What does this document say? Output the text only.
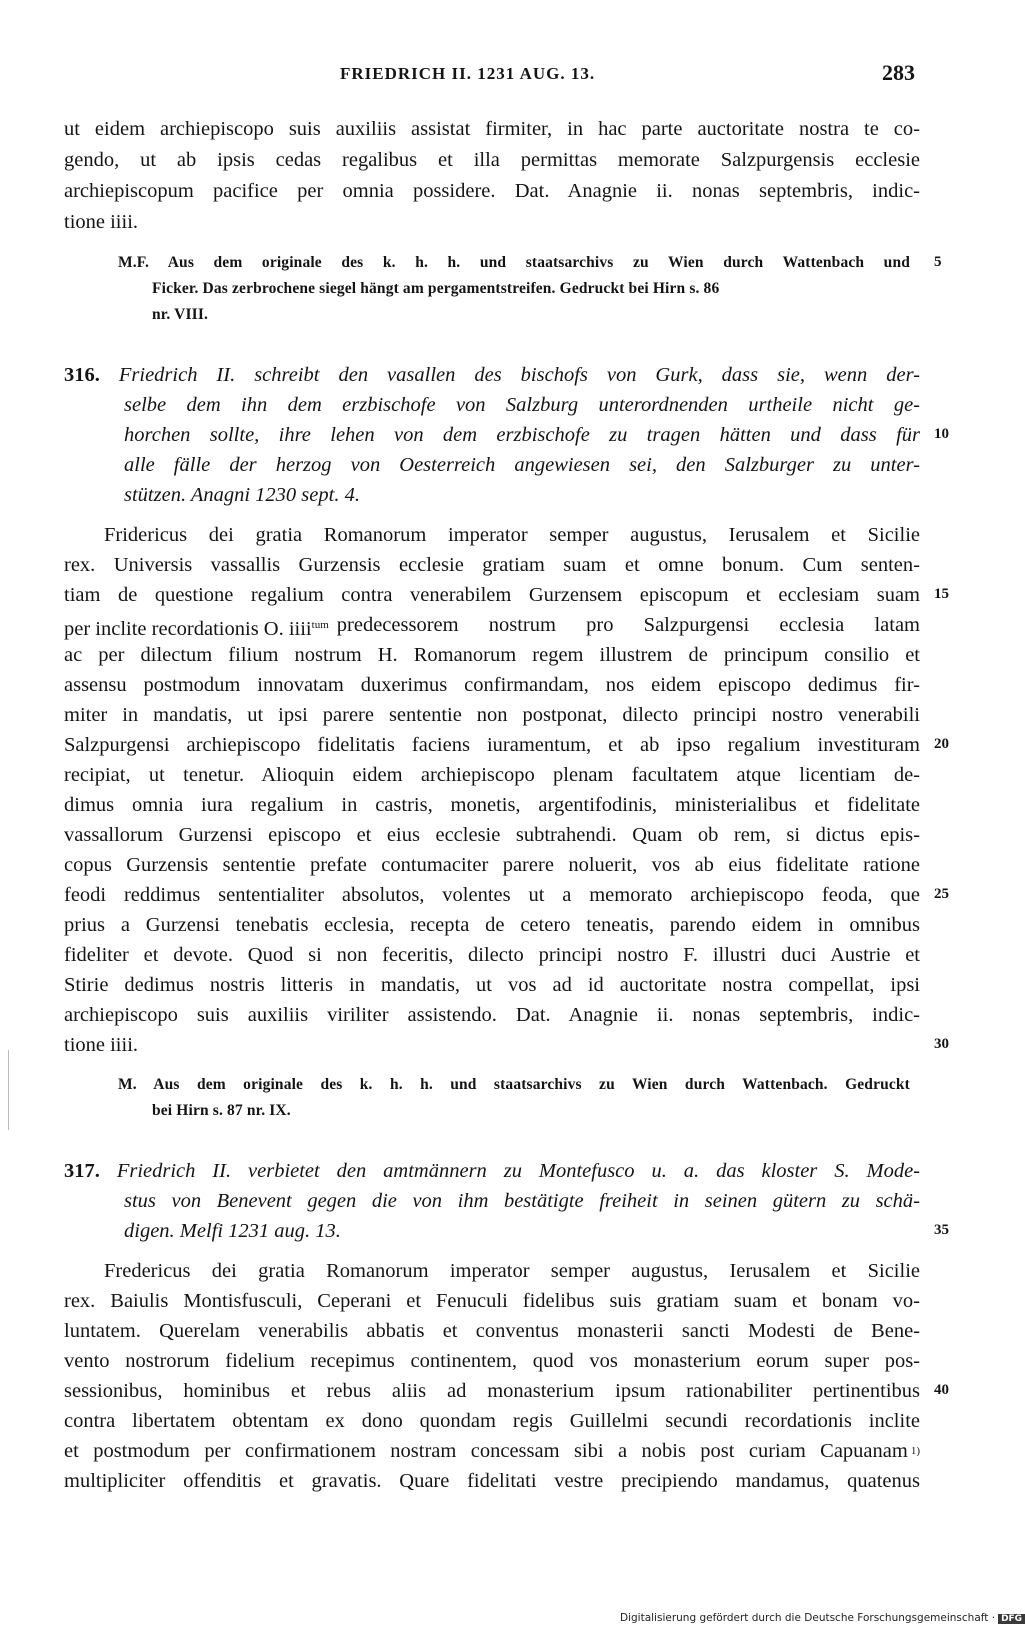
FRIEDRICH II. 1231 AUG. 13.	283
ut eidem archiepiscopo suis auxiliis assistat firmiter, in hac parte auctoritate nostra te co-
gendo, ut ab ipsis cedas regalibus et illa permittas memorate Salzpurgensis ecclesie
archiepiscopum pacifice per omnia possidere. Dat. Anagnie ii. nonas septembris, indic-
tione iiii.
M.F. Aus dem originale des k. h. h. und staatsarchivs zu Wien durch Wattenbach und
Ficker. Das zerbrochene siegel hängt am pergamentstreifen. Gedruckt bei Hirn s. 86
nr. VIII.
5
316. Friedrich II. schreibt den vasallen des bischofs von Gurk, dass sie, wenn der-
selbe dem ihn dem erzbischofe von Salzburg unterordnenden urtheile nicht ge-
horchen sollte, ihre lehen von dem erzbischofe zu tragen hätten und dass für
alle fälle der herzog von Oesterreich angewiesen sei, den Salzburger zu unter-
stützen. Anagni 1230 sept. 4.
10
Fridericus dei gratia Romanorum imperator semper augustus, Ierusalem et Sicilie
rex. Universis vassallis Gurzensis ecclesie gratiam suam et omne bonum. Cum senten-
tiam de questione regalium contra venerabilem Gurzensem episcopum et ecclesiam suam 15
per inclite recordationis O. iiii$^{tum}$ predecessorem nostrum pro Salzpurgensi ecclesia latam
ac per dilectum filium nostrum H. Romanorum regem illustrem de principum consilio et
assensu postmodum innovatam duxerimus confirmandam, nos eidem episcopo dedimus fir-
miter in mandatis, ut ipsi parere sententie non postponat, dilecto principi nostro venerabili
Salzpurgensi archiepiscopo fidelitatis faciens iuramentum, et ab ipso regalium investituram 20
recipiat, ut tenetur. Alioquin eidem archiepiscopo plenam facultatem atque licentiam de-
dimus omnia iura regalium in castris, monetis, argentifodinis, ministerialibus et fidelitate
vassallorum Gurzensi episcopo et eius ecclesie subtrahendi. Quam ob rem, si dictus epis-
copus Gurzensis sententie prefate contumaciter parere noluerit, vos ab eius fidelitate ratione
feodi reddimus sententialiter absolutos, volentes ut a memorato archiepiscopo feoda, que 25
prius a Gurzensi tenebatis ecclesia, recepta de cetero teneatis, parendo eidem in omnibus
fideliter et devote. Quod si non feceritis, dilecto principi nostro F. illustri duci Austrie et
Stirie dedimus nostris litteris in mandatis, ut vos ad id auctoritate nostra compellat, ipsi
archiepiscopo suis auxiliis viriliter assistendo. Dat. Anagnie ii. nonas septembris, indic-
tione iiii.	30
M. Aus dem originale des k. h. h. und staatsarchivs zu Wien durch Wattenbach. Gedruckt
bei Hirn s. 87 nr. IX.
317. Friedrich II. verbietet den amtmännern zu Montefusco u. a. das kloster S. Mode-
stus von Benevent gegen die von ihm bestätigte freiheit in seinen gütern zu schä-
digen. Melfi 1231 aug. 13.	35
Fredericus dei gratia Romanorum imperator semper augustus, Ierusalem et Sicilie
rex. Baiulis Montisfusculi, Ceperani et Fenuculi fidelibus suis gratiam suam et bonam vo-
luntatem. Querelam venerabilis abbatis et conventus monasterii sancti Modesti de Bene-
vento nostrorum fidelium recepimus continentem, quod vos monasterium eorum super pos-
sessionibus, hominibus et rebus aliis ad monasterium ipsum rationabiliter pertinentibus 40
contra libertatem obtentam ex dono quondam regis Guillelmi secundi recordationis inclite
et postmodum per confirmationem nostram concessam sibi a nobis post curiam Capuanam 1)
multipliciter offenditis et gravatis. Quare fidelitati vestre precipiendo mandamus, quatenus
Digitalisierung gefördert durch die Deutsche Forschungsgemeinschaft · DFG
